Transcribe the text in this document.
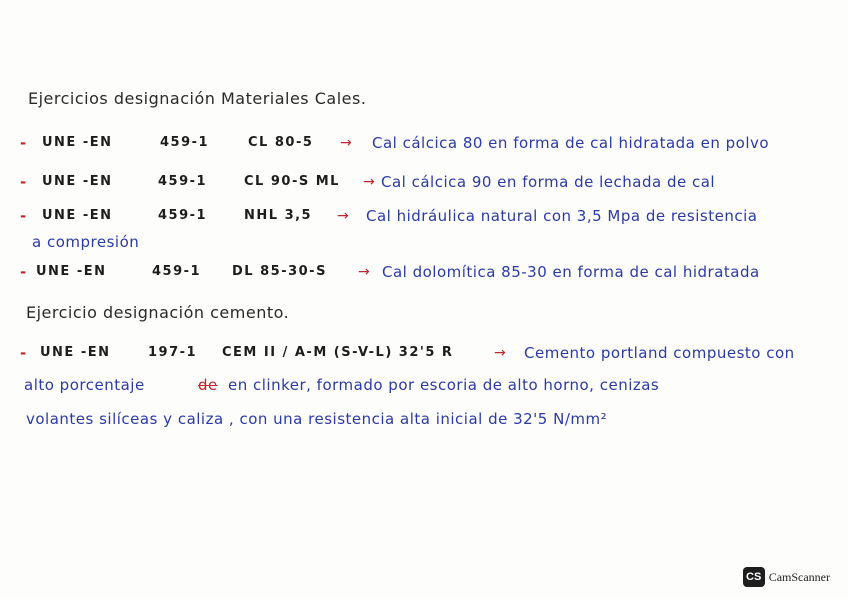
Ejercicios designación Materiales Cales.
- UNE -EN	459-1	CL 80-5 → Cal cálcica 80 en forma de cal hidratada en polvo
- UNE -EN	459-1	CL 90-S ML → Cal cálcica 90 en forma de lechada de cal
- UNE -EN	459-1	NHL 3,5 → Cal hidráulica natural con 3,5 Mpa de resistencia
a compresión
- UNE -EN	459-1 DL 85-30-S → Cal dolomítica 85-30 en forma de cal hidratada
Ejercicio designación cemento.
- UNE -EN	197-1 CEM II / A-M (S-V-L) 32'5 R	→ Cemento portland compuesto con
alto porcentaje	de en clinker, formado por escoria de alto horno, cenizas
volantes silíceas y caliza , con una resistencia alta inicial de 32'5 N/mm²
CS CamScanner
